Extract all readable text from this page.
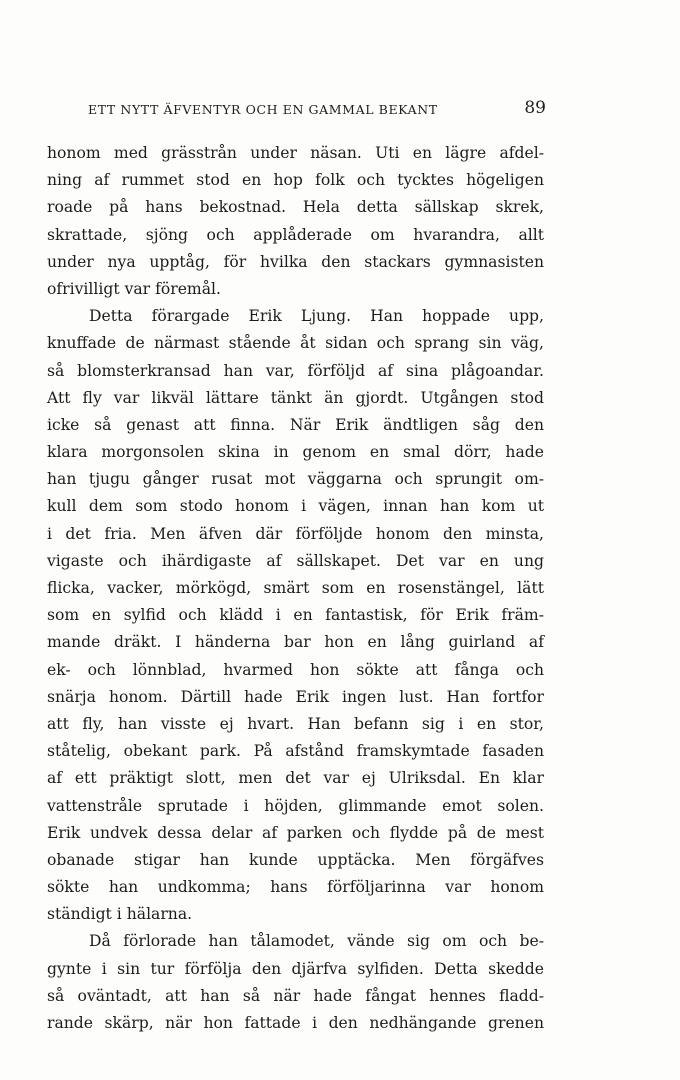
ETT NYTT ÄFVENTYR OCH EN GAMMAL BEKANT	89
honom med grässtrån under näsan. Uti en lägre afdel-
ning af rummet stod en hop folk och tycktes högeligen
roade på hans bekostnad. Hela detta sällskap skrek,
skrattade, sjöng och applåderade om hvarandra, allt
under nya upptåg, för hvilka den stackars gymnasisten
ofrivilligt var föremål.
Detta förargade Erik Ljung. Han hoppade upp,
knuffade de närmast stående åt sidan och sprang sin väg,
så blomsterkransad han var, förföljd af sina plågoandar.
Att fly var likväl lättare tänkt än gjordt. Utgången stod
icke så genast att finna. När Erik ändtligen såg den
klara morgonsolen skina in genom en smal dörr, hade
han tjugu gånger rusat mot väggarna och sprungit om-
kull dem som stodo honom i vägen, innan han kom ut
i det fria. Men äfven där förföljde honom den minsta,
vigaste och ihärdigaste af sällskapet. Det var en ung
flicka, vacker, mörkögd, smärt som en rosenstängel, lätt
som en sylfid och klädd i en fantastisk, för Erik främ-
mande dräkt. I händerna bar hon en lång guirland af
ek- och lönnblad, hvarmed hon sökte att fånga och
snärja honom. Därtill hade Erik ingen lust. Han fortfor
att fly, han visste ej hvart. Han befann sig i en stor,
ståtelig, obekant park. På afstånd framskymtade fasaden
af ett präktigt slott, men det var ej Ulriksdal. En klar
vattenstråle sprutade i höjden, glimmande emot solen.
Erik undvek dessa delar af parken och flydde på de mest
obanade stigar han kunde upptäcka. Men förgäfves
sökte han undkomma; hans förföljarinna var honom
ständigt i hälarna.
Då förlorade han tålamodet, vände sig om och be-
gynte i sin tur förfölja den djärfva sylfiden. Detta skedde
så oväntadt, att han så när hade fångat hennes fladd-
rande skärp, när hon fattade i den nedhängande grenen
